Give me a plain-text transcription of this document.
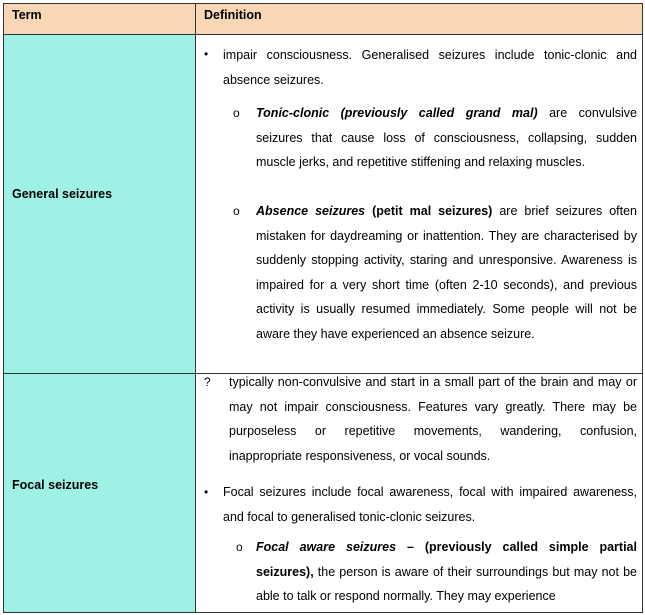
Term	Definition
General seizures
• impair consciousness. Generalised seizures include tonic-clonic and absence seizures.
o Tonic-clonic (previously called grand mal) are convulsive seizures that cause loss of consciousness, collapsing, sudden muscle jerks, and repetitive stiffening and relaxing muscles.
o Absence seizures (petit mal seizures) are brief seizures often mistaken for daydreaming or inattention. They are characterised by suddenly stopping activity, staring and unresponsive. Awareness is impaired for a very short time (often 2-10 seconds), and previous activity is usually resumed immediately. Some people will not be aware they have experienced an absence seizure.
Focal seizures
? typically non-convulsive and start in a small part of the brain and may or may not impair consciousness. Features vary greatly. There may be purposeless or repetitive movements, wandering, confusion, inappropriate responsiveness, or vocal sounds.
• Focal seizures include focal awareness, focal with impaired awareness, and focal to generalised tonic-clonic seizures.
o Focal aware seizures – (previously called simple partial seizures), the person is aware of their surroundings but may not be able to talk or respond normally. They may experience
